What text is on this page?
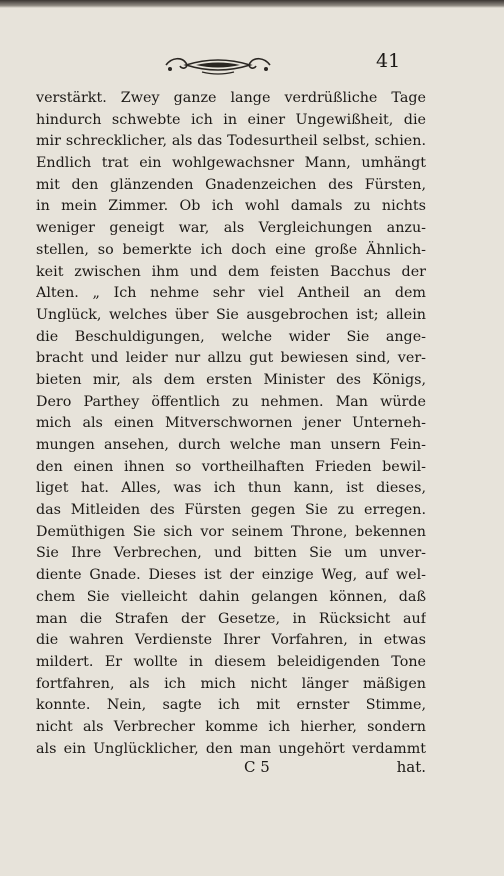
41
verstärkt. Zwey ganze lange verdrüßliche Tage
hindurch schwebte ich in einer Ungewißheit, die
mir schrecklicher, als das Todesurtheil selbst, schien.
Endlich trat ein wohlgewachsner Mann, umhängt
mit den glänzenden Gnadenzeichen des Fürsten,
in mein Zimmer. Ob ich wohl damals zu nichts
weniger geneigt war, als Vergleichungen anzu-
stellen, so bemerkte ich doch eine große Ähnlich-
keit zwischen ihm und dem feisten Bacchus der
Alten. „ Ich nehme sehr viel Antheil an dem
Unglück, welches über Sie ausgebrochen ist; allein
die Beschuldigungen, welche wider Sie ange-
bracht und leider nur allzu gut bewiesen sind, ver-
bieten mir, als dem ersten Minister des Königs,
Dero Parthey öffentlich zu nehmen. Man würde
mich als einen Mitverschwornen jener Unterneh-
mungen ansehen, durch welche man unsern Fein-
den einen ihnen so vortheilhaften Frieden bewil-
liget hat. Alles, was ich thun kann, ist dieses,
das Mitleiden des Fürsten gegen Sie zu erregen.
Demüthigen Sie sich vor seinem Throne, bekennen
Sie Ihre Verbrechen, und bitten Sie um unver-
diente Gnade. Dieses ist der einzige Weg, auf wel-
chem Sie vielleicht dahin gelangen können, daß
man die Strafen der Gesetze, in Rücksicht auf
die wahren Verdienste Ihrer Vorfahren, in etwas
mildert. Er wollte in diesem beleidigenden Tone
fortfahren, als ich mich nicht länger mäßigen
konnte. Nein, sagte ich mit ernster Stimme,
nicht als Verbrecher komme ich hierher, sondern
als ein Unglücklicher, den man ungehört verdammt
C 5	hat.
